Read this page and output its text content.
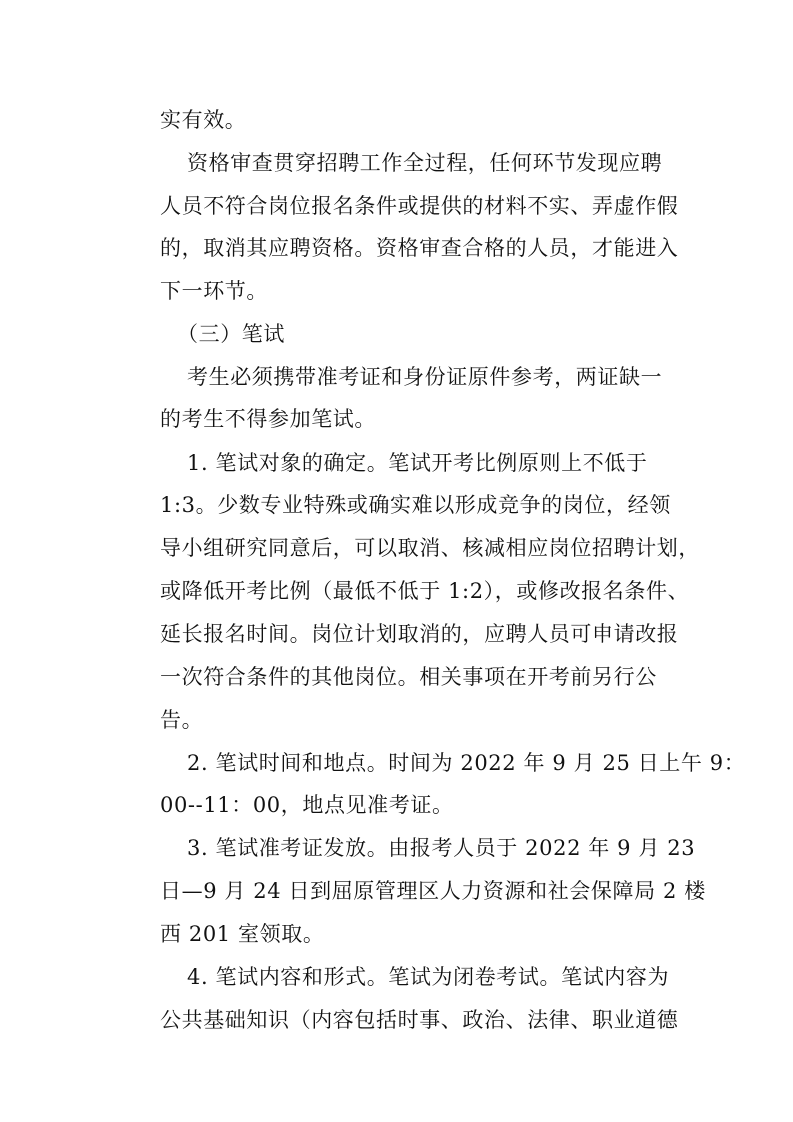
实有效。
资格审查贯穿招聘工作全过程，任何环节发现应聘
人员不符合岗位报名条件或提供的材料不实、弄虚作假
的，取消其应聘资格。资格审查合格的人员，才能进入
下一环节。
（三）笔试
考生必须携带准考证和身份证原件参考，两证缺一
的考生不得参加笔试。
1. 笔试对象的确定。笔试开考比例原则上不低于
1:3。少数专业特殊或确实难以形成竞争的岗位，经领
导小组研究同意后，可以取消、核减相应岗位招聘计划，
或降低开考比例（最低不低于 1:2），或修改报名条件、
延长报名时间。岗位计划取消的，应聘人员可申请改报
一次符合条件的其他岗位。相关事项在开考前另行公
告。
2. 笔试时间和地点。时间为 2022 年 9 月 25 日上午 9：
00--11：00，地点见准考证。
3. 笔试准考证发放。由报考人员于 2022 年 9 月 23
日—9 月 24 日到屈原管理区人力资源和社会保障局 2 楼
西 201 室领取。
4. 笔试内容和形式。笔试为闭卷考试。笔试内容为
公共基础知识（内容包括时事、政治、法律、职业道德
